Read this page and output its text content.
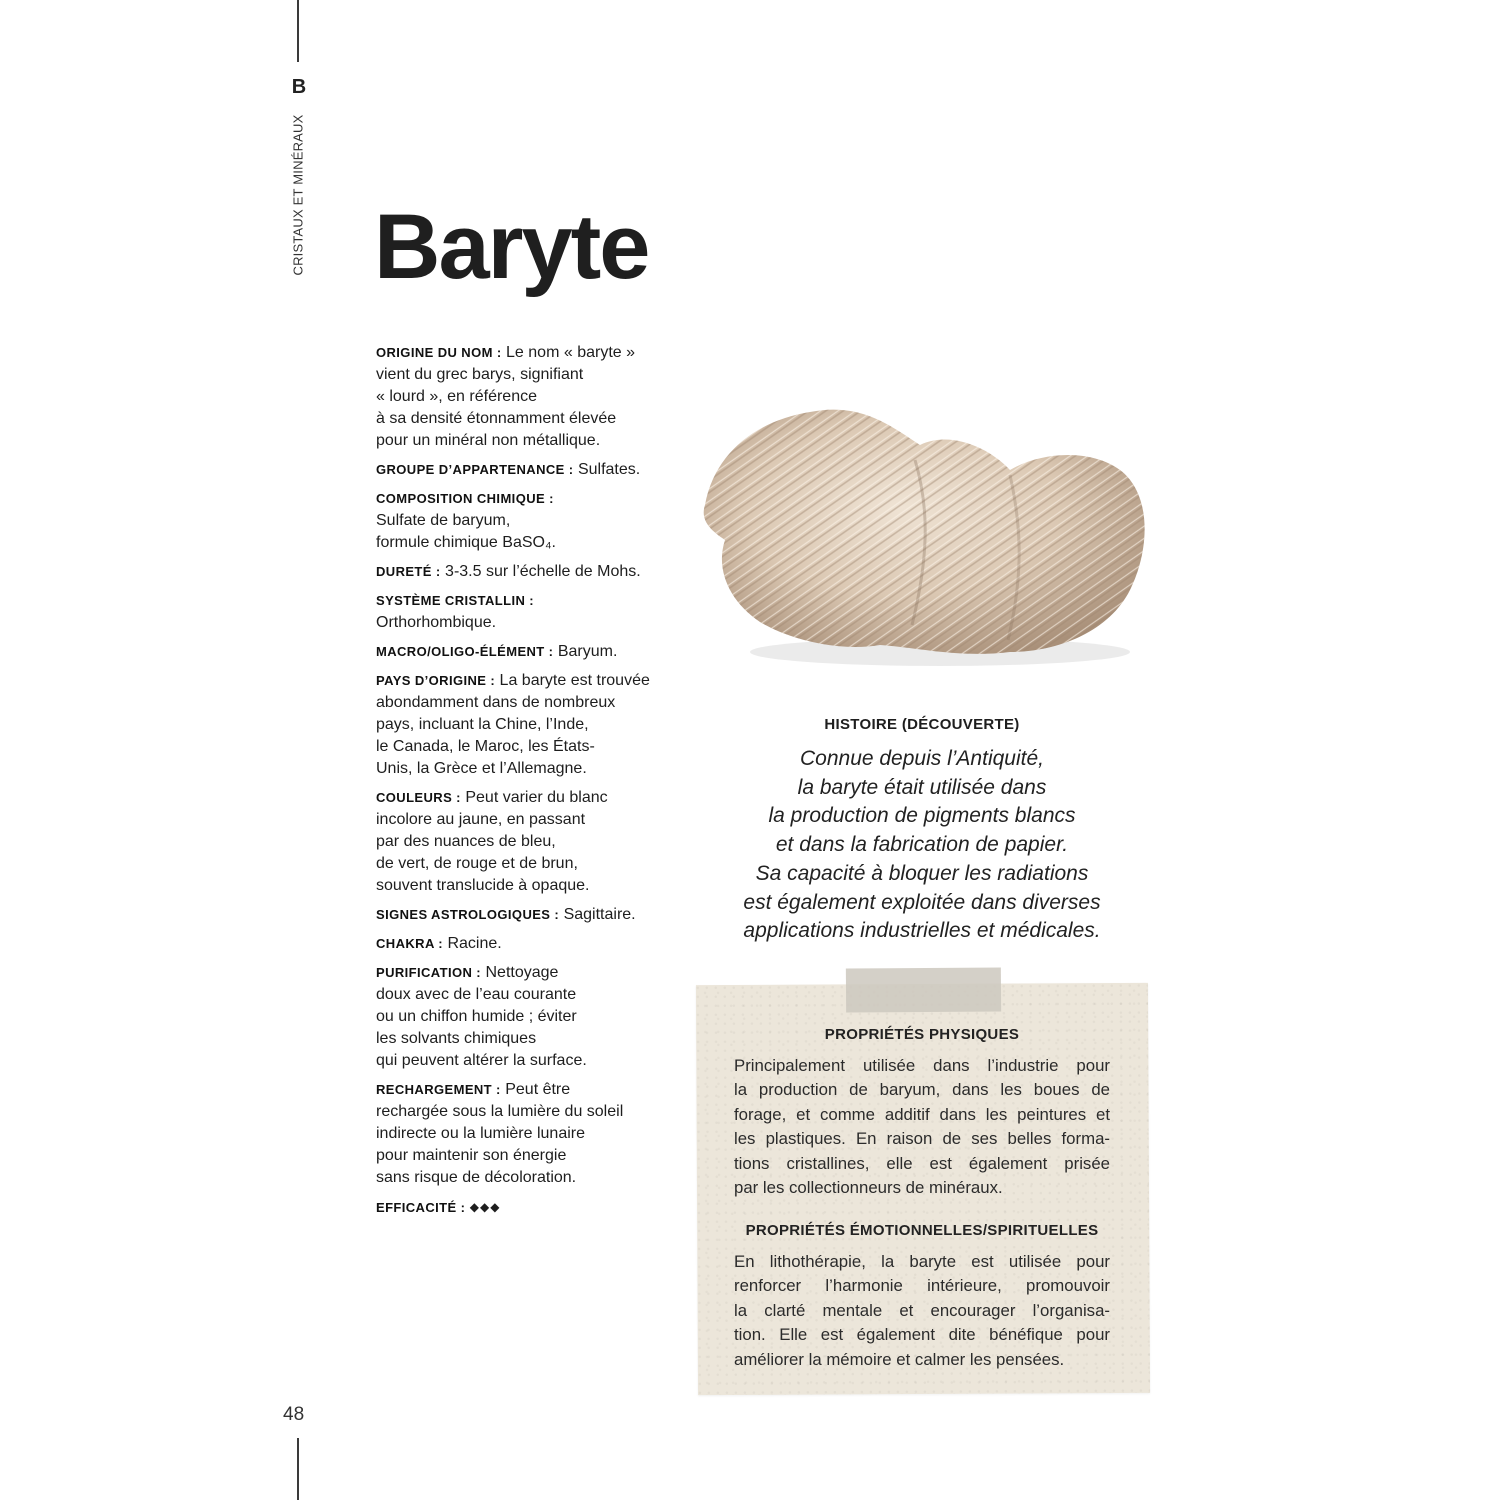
B
CRISTAUX ET MINÉRAUX
48
Baryte
ORIGINE DU NOM : Le nom « baryte »
vient du grec barys, signifiant
« lourd », en référence
à sa densité étonnamment élevée
pour un minéral non métallique.
GROUPE D’APPARTENANCE : Sulfates.
COMPOSITION CHIMIQUE :
Sulfate de baryum,
formule chimique BaSO₄.
DURETÉ : 3-3.5 sur l’échelle de Mohs.
SYSTÈME CRISTALLIN :
Orthorhombique.
MACRO/OLIGO-ÉLÉMENT : Baryum.
PAYS D’ORIGINE : La baryte est trouvée
abondamment dans de nombreux
pays, incluant la Chine, l’Inde,
le Canada, le Maroc, les États-
Unis, la Grèce et l’Allemagne.
COULEURS : Peut varier du blanc
incolore au jaune, en passant
par des nuances de bleu,
de vert, de rouge et de brun,
souvent translucide à opaque.
SIGNES ASTROLOGIQUES : Sagittaire.
CHAKRA : Racine.
PURIFICATION : Nettoyage
doux avec de l’eau courante
ou un chiffon humide ; éviter
les solvants chimiques
qui peuvent altérer la surface.
RECHARGEMENT : Peut être
rechargée sous la lumière du soleil
indirecte ou la lumière lunaire
pour maintenir son énergie
sans risque de décoloration.
EFFICACITÉ : ◆◆◆
HISTOIRE (DÉCOUVERTE)
Connue depuis l’Antiquité,
la baryte était utilisée dans
la production de pigments blancs
et dans la fabrication de papier.
Sa capacité à bloquer les radiations
est également exploitée dans diverses
applications industrielles et médicales.
PROPRIÉTÉS PHYSIQUES
Principalement utilisée dans l’industrie pour
la production de baryum, dans les boues de
forage, et comme additif dans les peintures et
les plastiques. En raison de ses belles forma-
tions cristallines, elle est également prisée
par les collectionneurs de minéraux.
PROPRIÉTÉS ÉMOTIONNELLES/SPIRITUELLES
En lithothérapie, la baryte est utilisée pour
renforcer l’harmonie intérieure, promouvoir
la clarté mentale et encourager l’organisa-
tion. Elle est également dite bénéfique pour
améliorer la mémoire et calmer les pensées.
